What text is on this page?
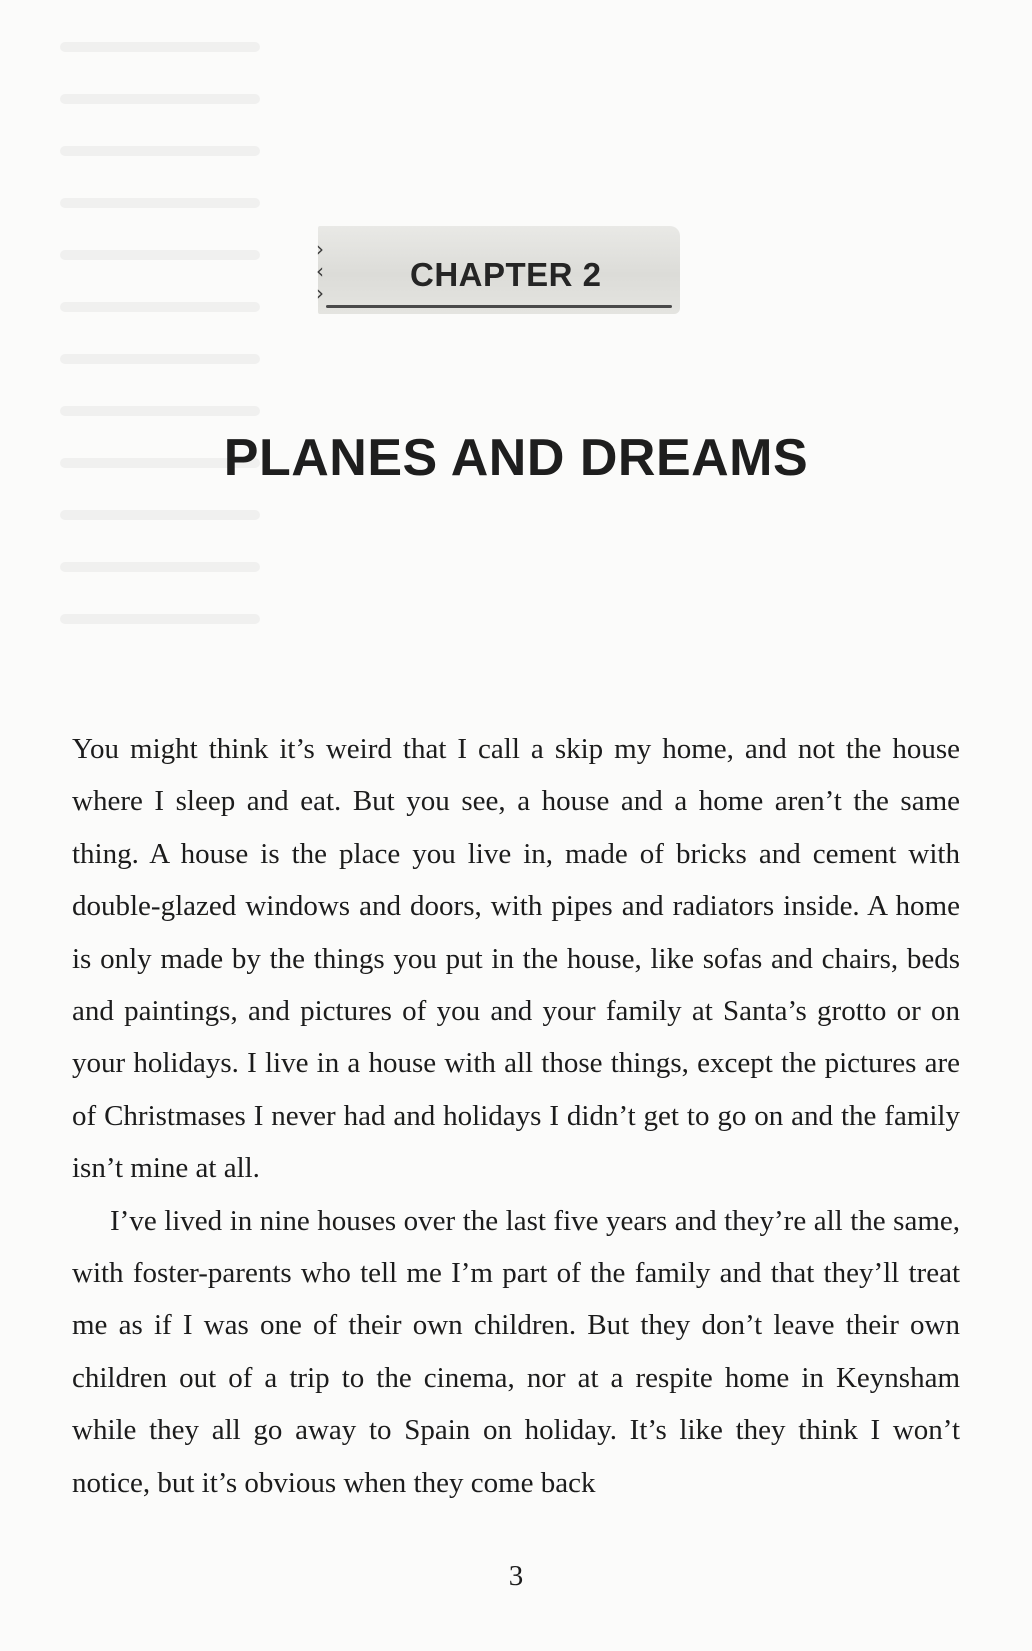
›
‹
›	CHAPTER 2
PLANES AND DREAMS

You might think it’s weird that I call a skip my home, and not the house where I sleep and eat. But you see, a house and a home aren’t the same thing. A house is the place you live in, made of bricks and cement with double-glazed windows and doors, with pipes and radiators inside. A home is only made by the things you put in the house, like sofas and chairs, beds and paintings, and pictures of you and your family at Santa’s grotto or on your holidays. I live in a house with all those things, except the pictures are of Christmases I never had and holidays I didn’t get to go on and the family isn’t mine at all.

I’ve lived in nine houses over the last five years and they’re all the same, with foster-parents who tell me I’m part of the family and that they’ll treat me as if I was one of their own children. But they don’t leave their own children out of a trip to the cinema, nor at a respite home in Keynsham while they all go away to Spain on holiday. It’s like they think I won’t notice, but it’s obvious when they come back

3
